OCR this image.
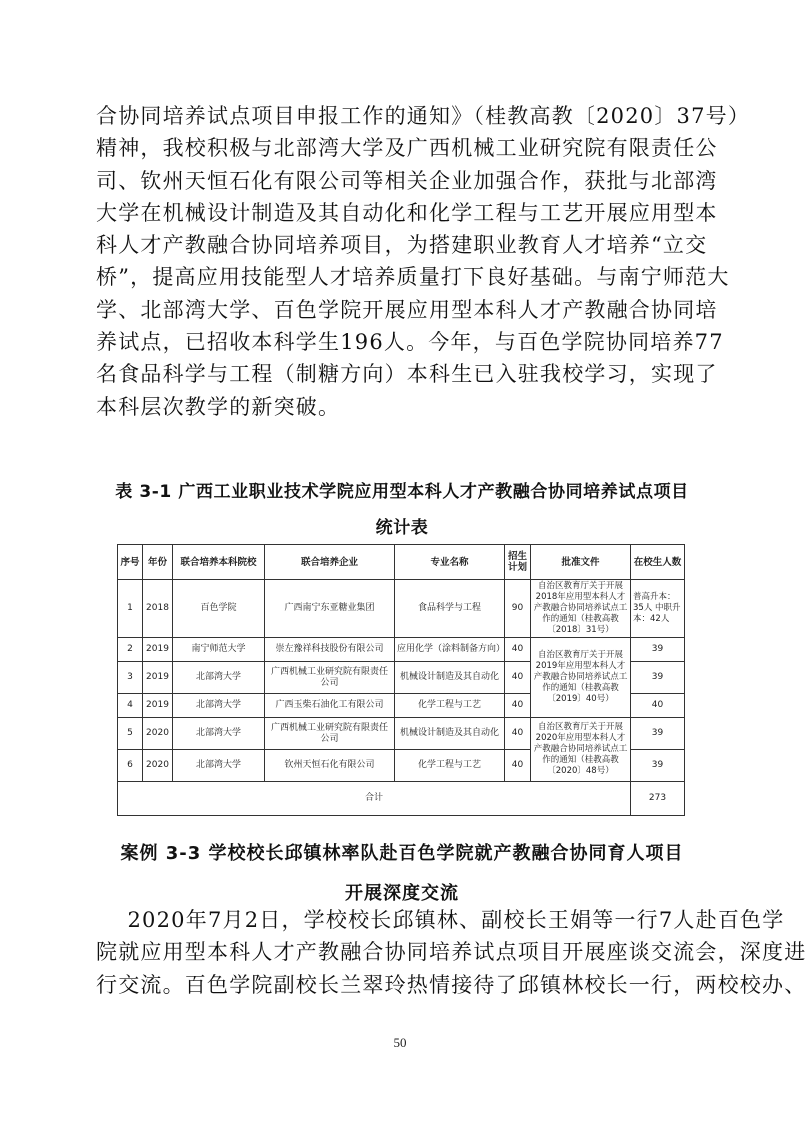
合协同培养试点项目申报工作的通知》（桂教高教〔2020〕37号）
精神，我校积极与北部湾大学及广西机械工业研究院有限责任公
司、钦州天恒石化有限公司等相关企业加强合作，获批与北部湾
大学在机械设计制造及其自动化和化学工程与工艺开展应用型本
科人才产教融合协同培养项目，为搭建职业教育人才培养“立交
桥”，提高应用技能型人才培养质量打下良好基础。与南宁师范大
学、北部湾大学、百色学院开展应用型本科人才产教融合协同培
养试点，已招收本科学生196人。今年，与百色学院协同培养77
名食品科学与工程（制糖方向）本科生已入驻我校学习，实现了
本科层次教学的新突破。
表 3-1 广西工业职业技术学院应用型本科人才产教融合协同培养试点项目
统计表
序号	年份	联合培养本科院校	联合培养企业	专业名称	招生计划	批准文件	在校生人数
1	2018	百色学院	广西南宁东亚糖业集团	食品科学与工程	90	自治区教育厅关于开展2018年应用型本科人才产教融合协同培养试点工作的通知（桂教高教〔2018〕31号）	普高升本：35人 中职升本：42人
2	2019	南宁师范大学	崇左豫祥科技股份有限公司	应用化学（涂料制备方向）	40	自治区教育厅关于开展2019年应用型本科人才产教融合协同培养试点工作的通知（桂教高教〔2019〕40号）	39
3	2019	北部湾大学	广西机械工业研究院有限责任公司	机械设计制造及其自动化	40		39
4	2019	北部湾大学	广西玉柴石油化工有限公司	化学工程与工艺	40		40
5	2020	北部湾大学	广西机械工业研究院有限责任公司	机械设计制造及其自动化	40	自治区教育厅关于开展2020年应用型本科人才产教融合协同培养试点工作的通知（桂教高教〔2020〕48号）	39
6	2020	北部湾大学	钦州天恒石化有限公司	化学工程与工艺	40		39
合计							273
案例 3-3 学校校长邱镇林率队赴百色学院就产教融合协同育人项目
开展深度交流
2020年7月2日，学校校长邱镇林、副校长王娟等一行7人赴百色学
院就应用型本科人才产教融合协同培养试点项目开展座谈交流会，深度进
行交流。百色学院副校长兰翠玲热情接待了邱镇林校长一行，两校校办、
50
